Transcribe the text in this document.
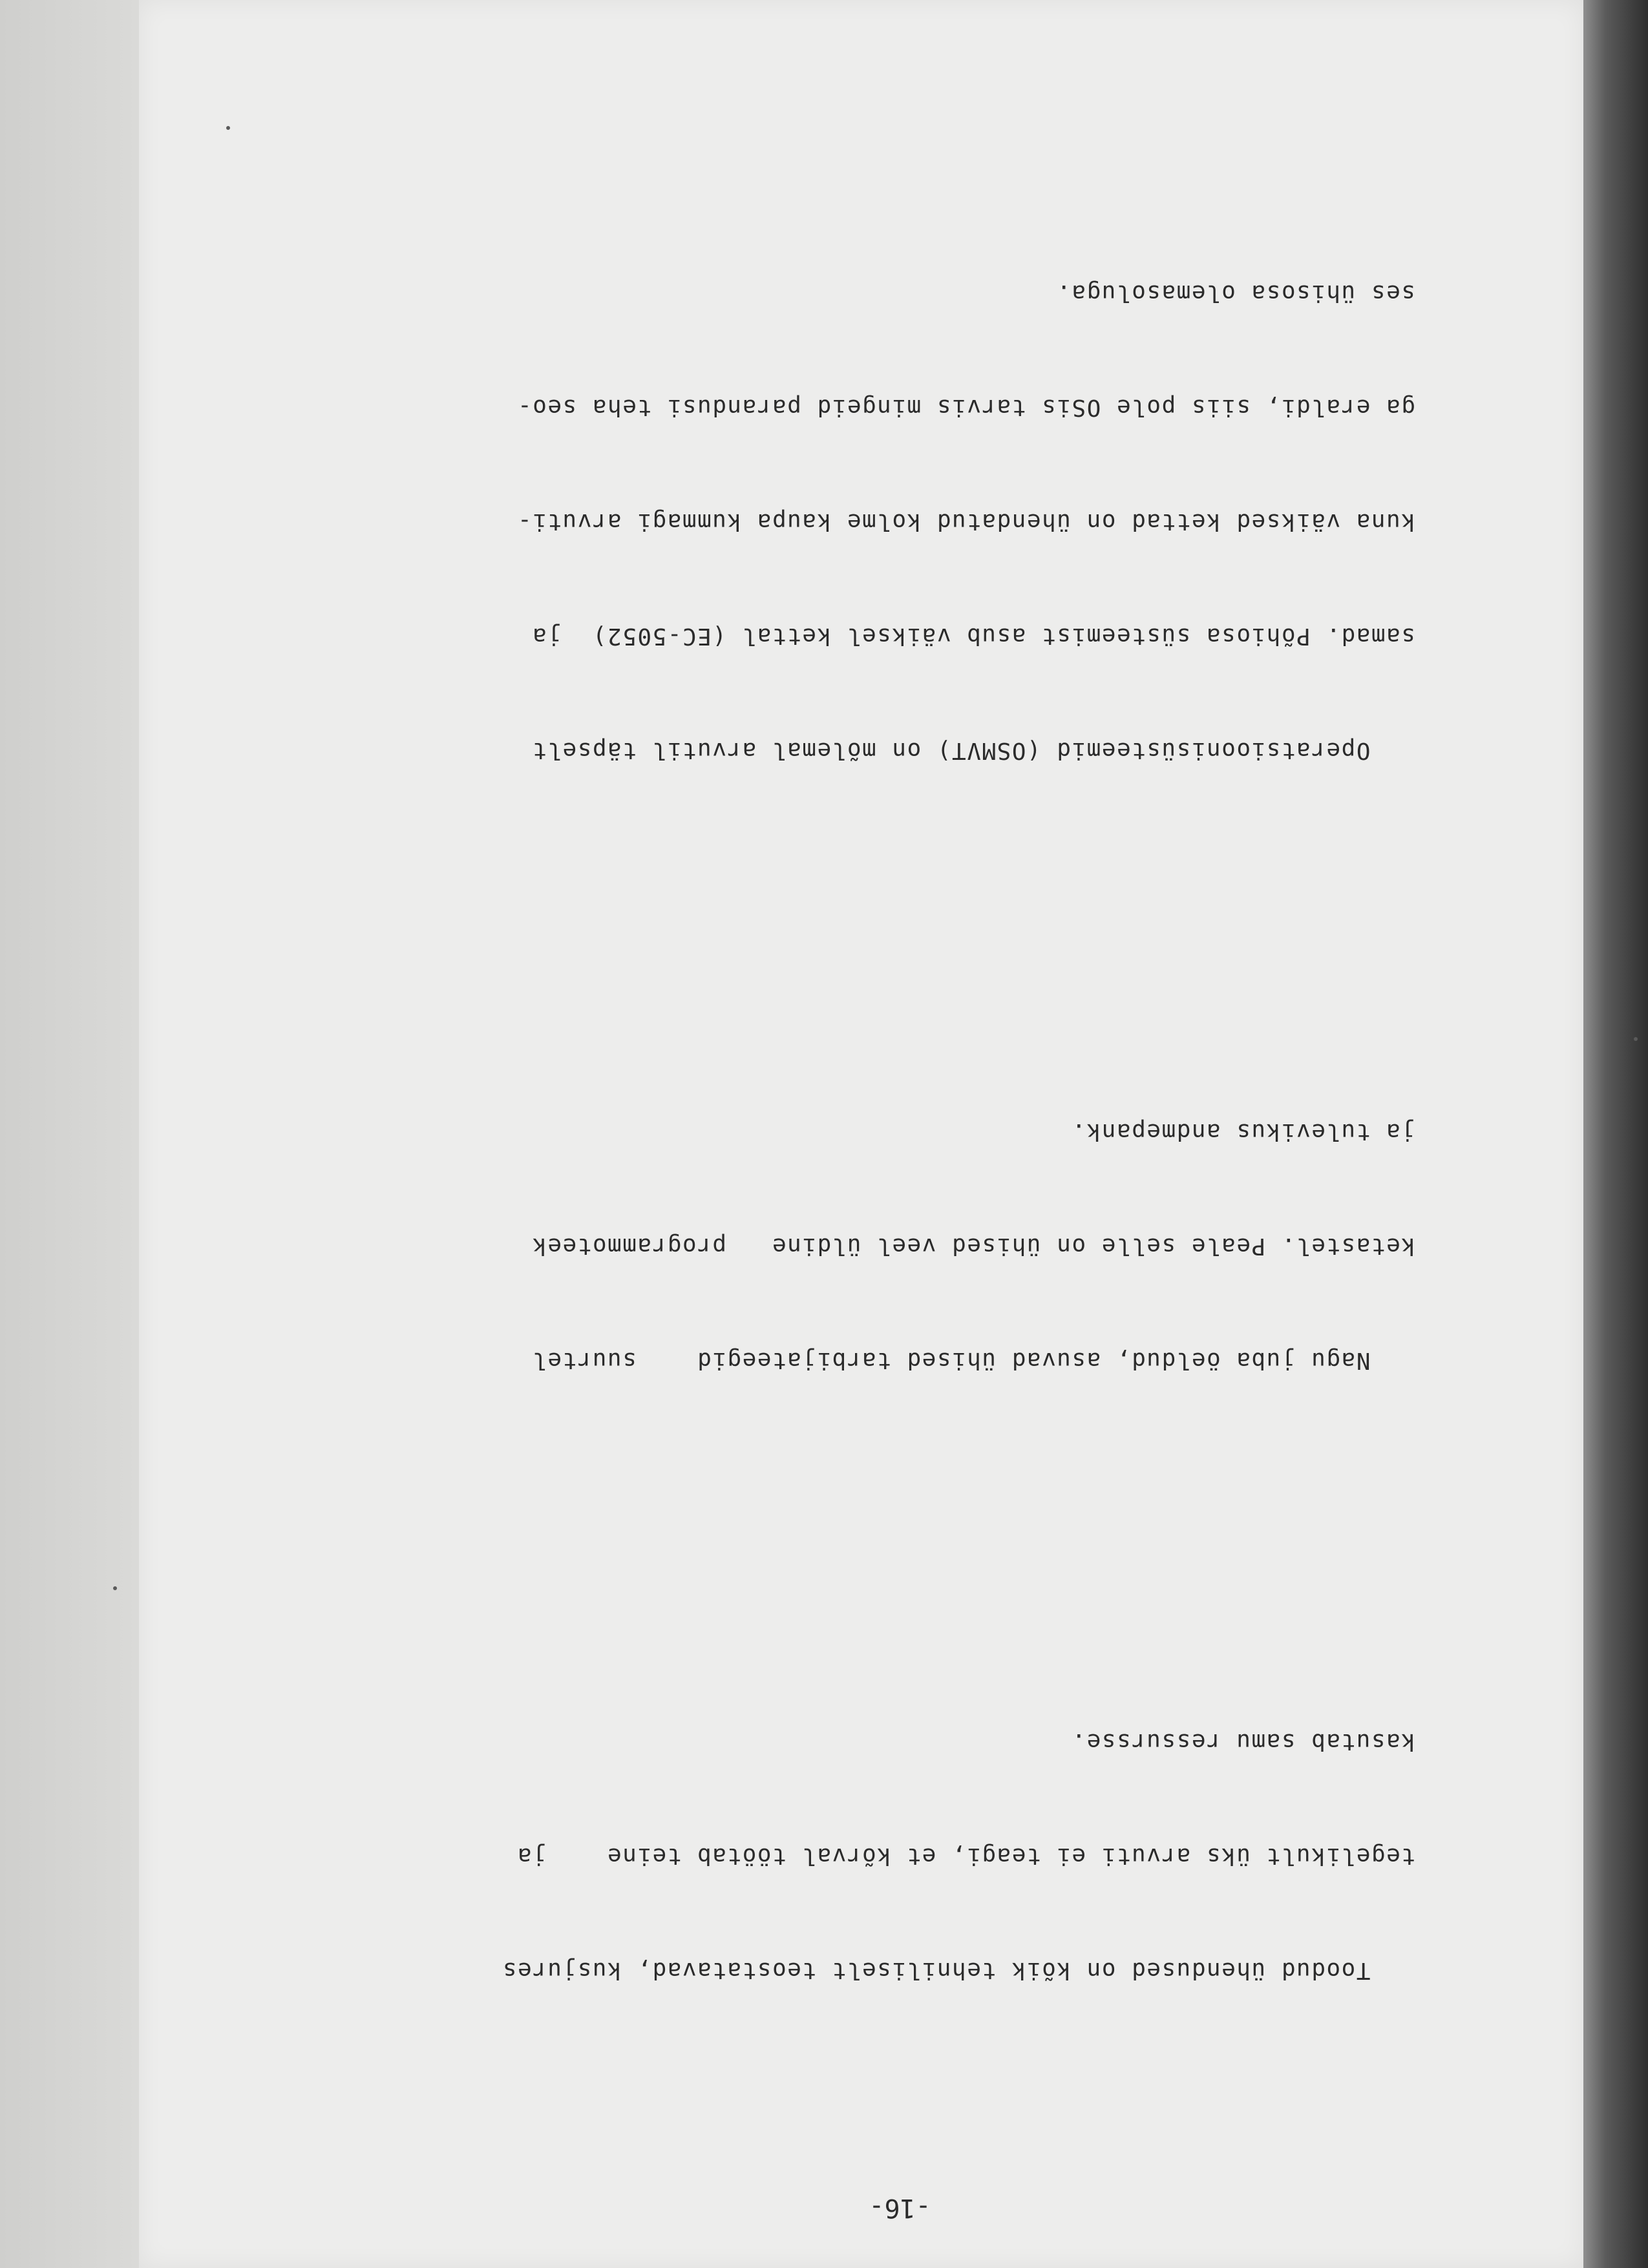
-16-

Toodud ühendused on kõik tehniliselt teostatavad, kusjures

tegelikult üks arvuti ei teagi, et kõrval töötab teine    ja

kasutab samu ressursse.

Nagu juba öeldud, asuvad ühised tarbijateegid    suurtel

ketastel. Peale selle on ühised veel üldine   programmoteek

ja tulevikus andmepank.

Operatsioonisüsteemid (OSMVT) on mõlemal arvutil täpselt

samad. Põhiosa süsteemist asub väiksel kettal (EC-5052)  ja

kuna väiksed kettad on ühendatud kolme kaupa kummagi arvuti-

ga eraldi, siis pole OSis tarvis mingeid parandusi teha seo-

ses ühisosa olemasoluga.
